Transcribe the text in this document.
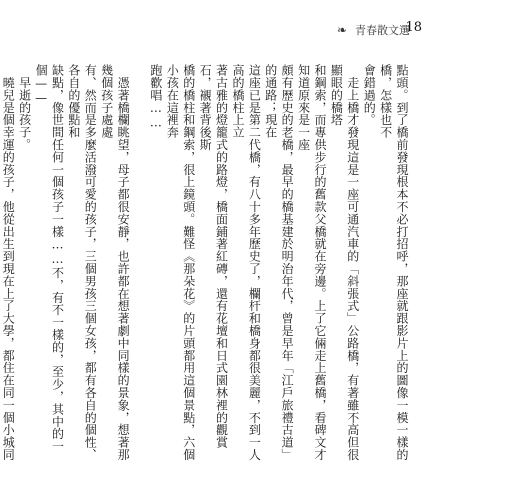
❧ 青春散文選
18

點頭。到了橋前發現根本不必打招呼，那座就跟影片上的圖像一模一樣的橋，怎樣也不

會錯過的。

　走上橋才發現這是一座可通汽車的「斜張式」公路橋，有著雖不高但很顯眼的橋塔

和鋼索，而專供步行的舊款父橋就在旁邊。上了它倆走上舊橋，看碑文才知道原來是一座

頗有歷史的老橋，最早的橋基建於明治年代，曾是早年「江戶旅禮古道」的通路；現在

這座已是第二代橋，有八十多年歷史了，欄杆和橋身都很美麗，不到一人高的橋柱上立

著古雅的燈籠式的路燈，橋面鋪著紅磚，還有花壇和日式園林裡的觀賞石，襯著背後斯

橋的橋柱和鋼索，很上鏡頭。難怪《那朵花》的片頭都用這個景點，六個小孩在這裡奔

跑歡唱……

　憑著橋欄眺望，母子都很安靜，也許都在想著劇中同樣的景象，想著那幾個孩子處處

有、然而是多麼活潑可愛的孩子，三個男孩三個女孩，都有各自的個性、各自的優點和

缺點，像世間任何一個孩子一樣……不，有不一樣的，至少，其中的一個——

　早逝的孩子。

　曉兒是個幸運的孩子，他從出生到現在上了大學，都住在同一個小城同
